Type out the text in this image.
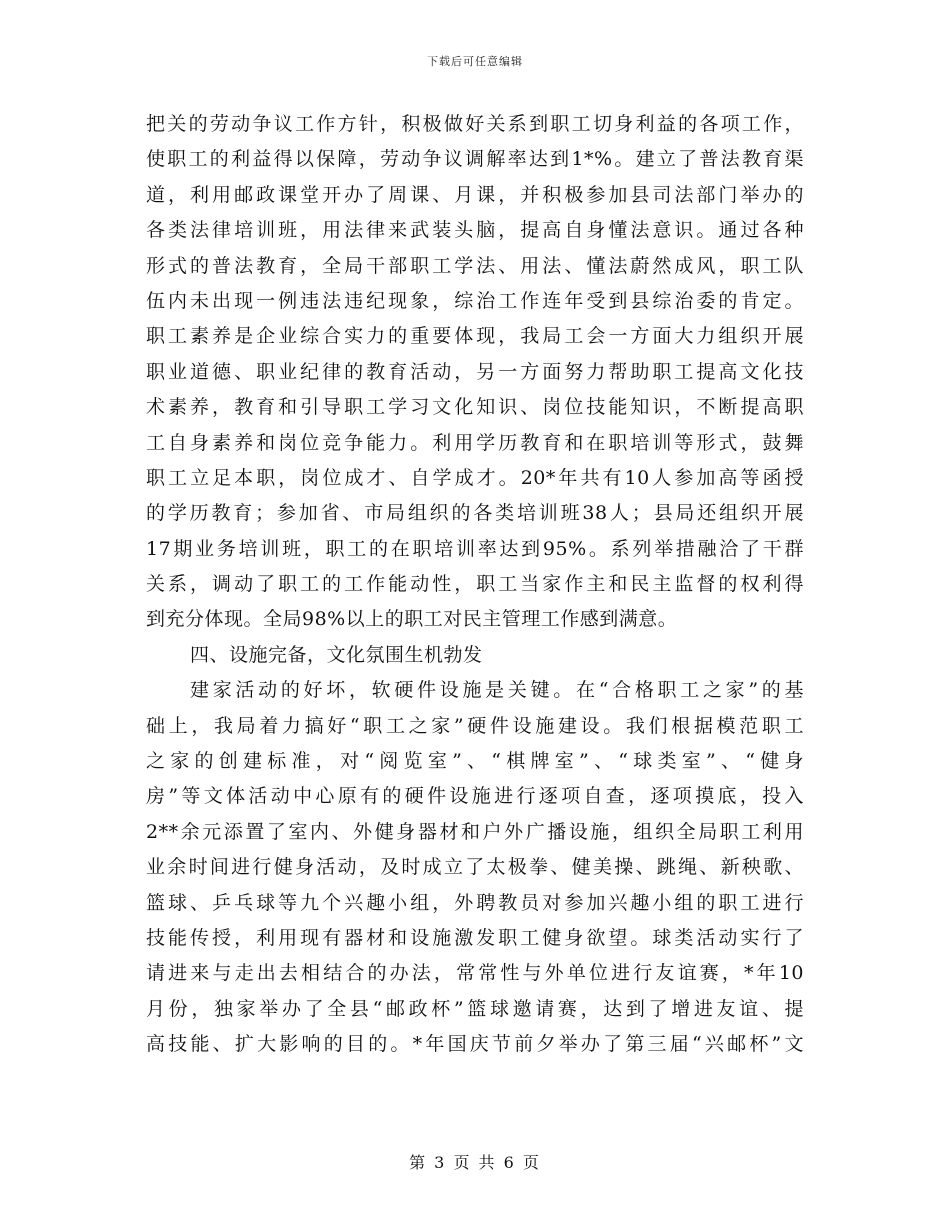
下载后可任意编辑
把关的劳动争议工作方针，积极做好关系到职工切身利益的各项工作，
使职工的利益得以保障，劳动争议调解率达到1*%。建立了普法教育渠
道，利用邮政课堂开办了周课、月课，并积极参加县司法部门举办的
各类法律培训班，用法律来武装头脑，提高自身懂法意识。通过各种
形式的普法教育，全局干部职工学法、用法、懂法蔚然成风，职工队
伍内未出现一例违法违纪现象，综治工作连年受到县综治委的肯定。
职工素养是企业综合实力的重要体现，我局工会一方面大力组织开展
职业道德、职业纪律的教育活动，另一方面努力帮助职工提高文化技
术素养，教育和引导职工学习文化知识、岗位技能知识，不断提高职
工自身素养和岗位竞争能力。利用学历教育和在职培训等形式，鼓舞
职工立足本职，岗位成才、自学成才。20*年共有10人参加高等函授
的学历教育；参加省、市局组织的各类培训班38人；县局还组织开展
17期业务培训班，职工的在职培训率达到95%。系列举措融洽了干群
关系，调动了职工的工作能动性，职工当家作主和民主监督的权利得
到充分体现。全局98%以上的职工对民主管理工作感到满意。
四、设施完备，文化氛围生机勃发
建家活动的好坏，软硬件设施是关键。在“合格职工之家”的基
础上，我局着力搞好“职工之家”硬件设施建设。我们根据模范职工
之家的创建标准，对“阅览室”、“棋牌室”、“球类室”、“健身
房”等文体活动中心原有的硬件设施进行逐项自查，逐项摸底，投入
2**余元添置了室内、外健身器材和户外广播设施，组织全局职工利用
业余时间进行健身活动，及时成立了太极拳、健美操、跳绳、新秧歌、
篮球、乒乓球等九个兴趣小组，外聘教员对参加兴趣小组的职工进行
技能传授，利用现有器材和设施激发职工健身欲望。球类活动实行了
请进来与走出去相结合的办法，常常性与外单位进行友谊赛，*年10
月份，独家举办了全县“邮政杯”篮球邀请赛，达到了增进友谊、提
高技能、扩大影响的目的。*年国庆节前夕举办了第三届“兴邮杯”文
第 3 页 共 6 页
